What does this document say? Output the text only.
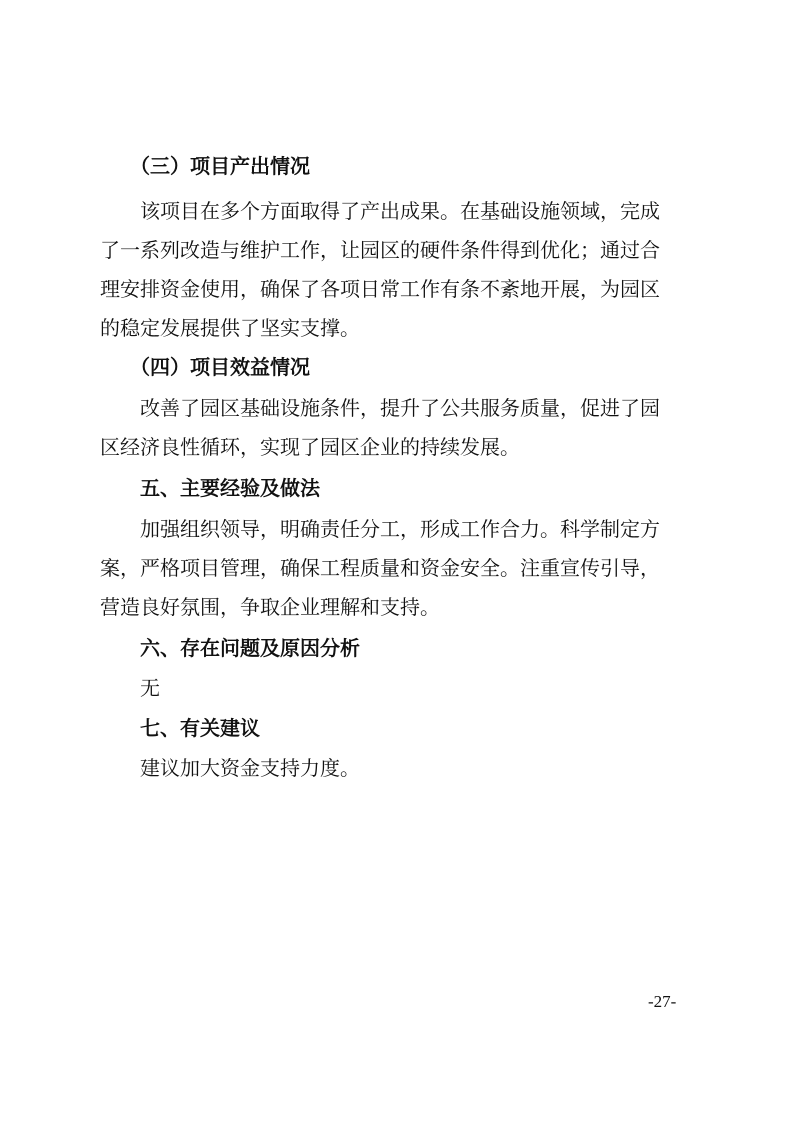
　　（三）项目产出情况
　　该项目在多个方面取得了产出成果。在基础设施领域，完成
了一系列改造与维护工作，让园区的硬件条件得到优化；通过合
理安排资金使用，确保了各项日常工作有条不紊地开展，为园区
的稳定发展提供了坚实支撑。
　　（四）项目效益情况
　　改善了园区基础设施条件，提升了公共服务质量，促进了园
区经济良性循环，实现了园区企业的持续发展。
　　五、主要经验及做法
　　加强组织领导，明确责任分工，形成工作合力。科学制定方
案，严格项目管理，确保工程质量和资金安全。注重宣传引导，
营造良好氛围，争取企业理解和支持。
　　六、存在问题及原因分析
　　无
　　七、有关建议
　　建议加大资金支持力度。
-27-
